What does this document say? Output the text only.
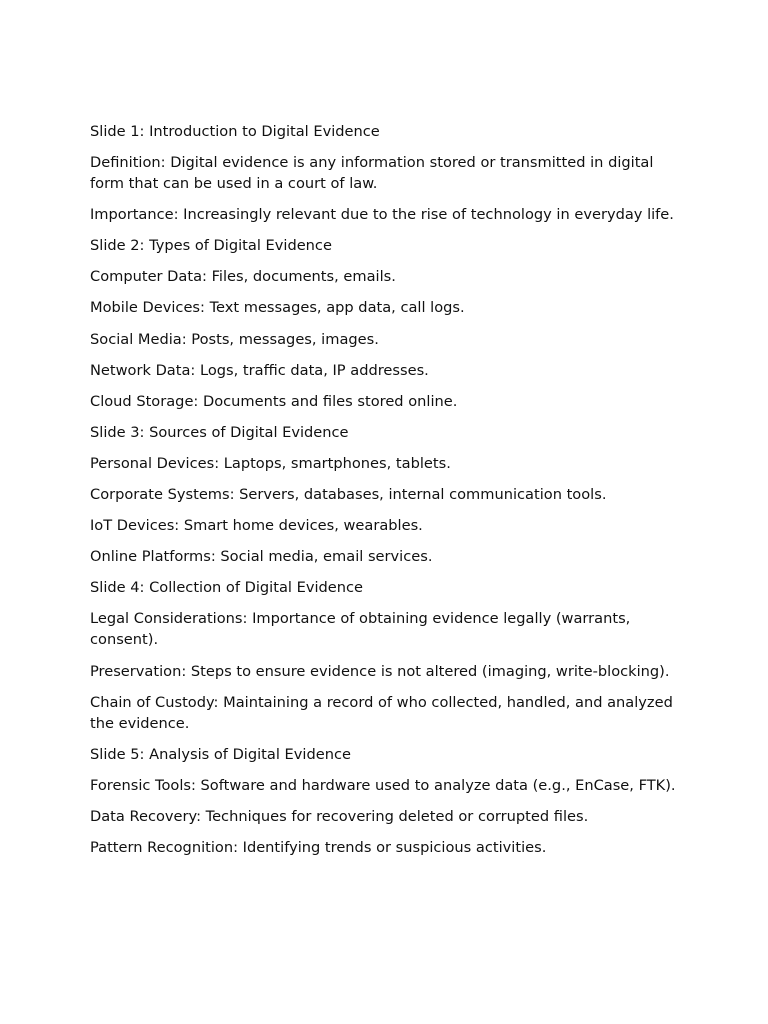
Slide 1: Introduction to Digital Evidence

Definition: Digital evidence is any information stored or transmitted in digital form that can be used in a court of law.

Importance: Increasingly relevant due to the rise of technology in everyday life.

Slide 2: Types of Digital Evidence

Computer Data: Files, documents, emails.

Mobile Devices: Text messages, app data, call logs.

Social Media: Posts, messages, images.

Network Data: Logs, traffic data, IP addresses.

Cloud Storage: Documents and files stored online.

Slide 3: Sources of Digital Evidence

Personal Devices: Laptops, smartphones, tablets.

Corporate Systems: Servers, databases, internal communication tools.

IoT Devices: Smart home devices, wearables.

Online Platforms: Social media, email services.

Slide 4: Collection of Digital Evidence

Legal Considerations: Importance of obtaining evidence legally (warrants, consent).

Preservation: Steps to ensure evidence is not altered (imaging, write-blocking).

Chain of Custody: Maintaining a record of who collected, handled, and analyzed the evidence.

Slide 5: Analysis of Digital Evidence

Forensic Tools: Software and hardware used to analyze data (e.g., EnCase, FTK).

Data Recovery: Techniques for recovering deleted or corrupted files.

Pattern Recognition: Identifying trends or suspicious activities.
